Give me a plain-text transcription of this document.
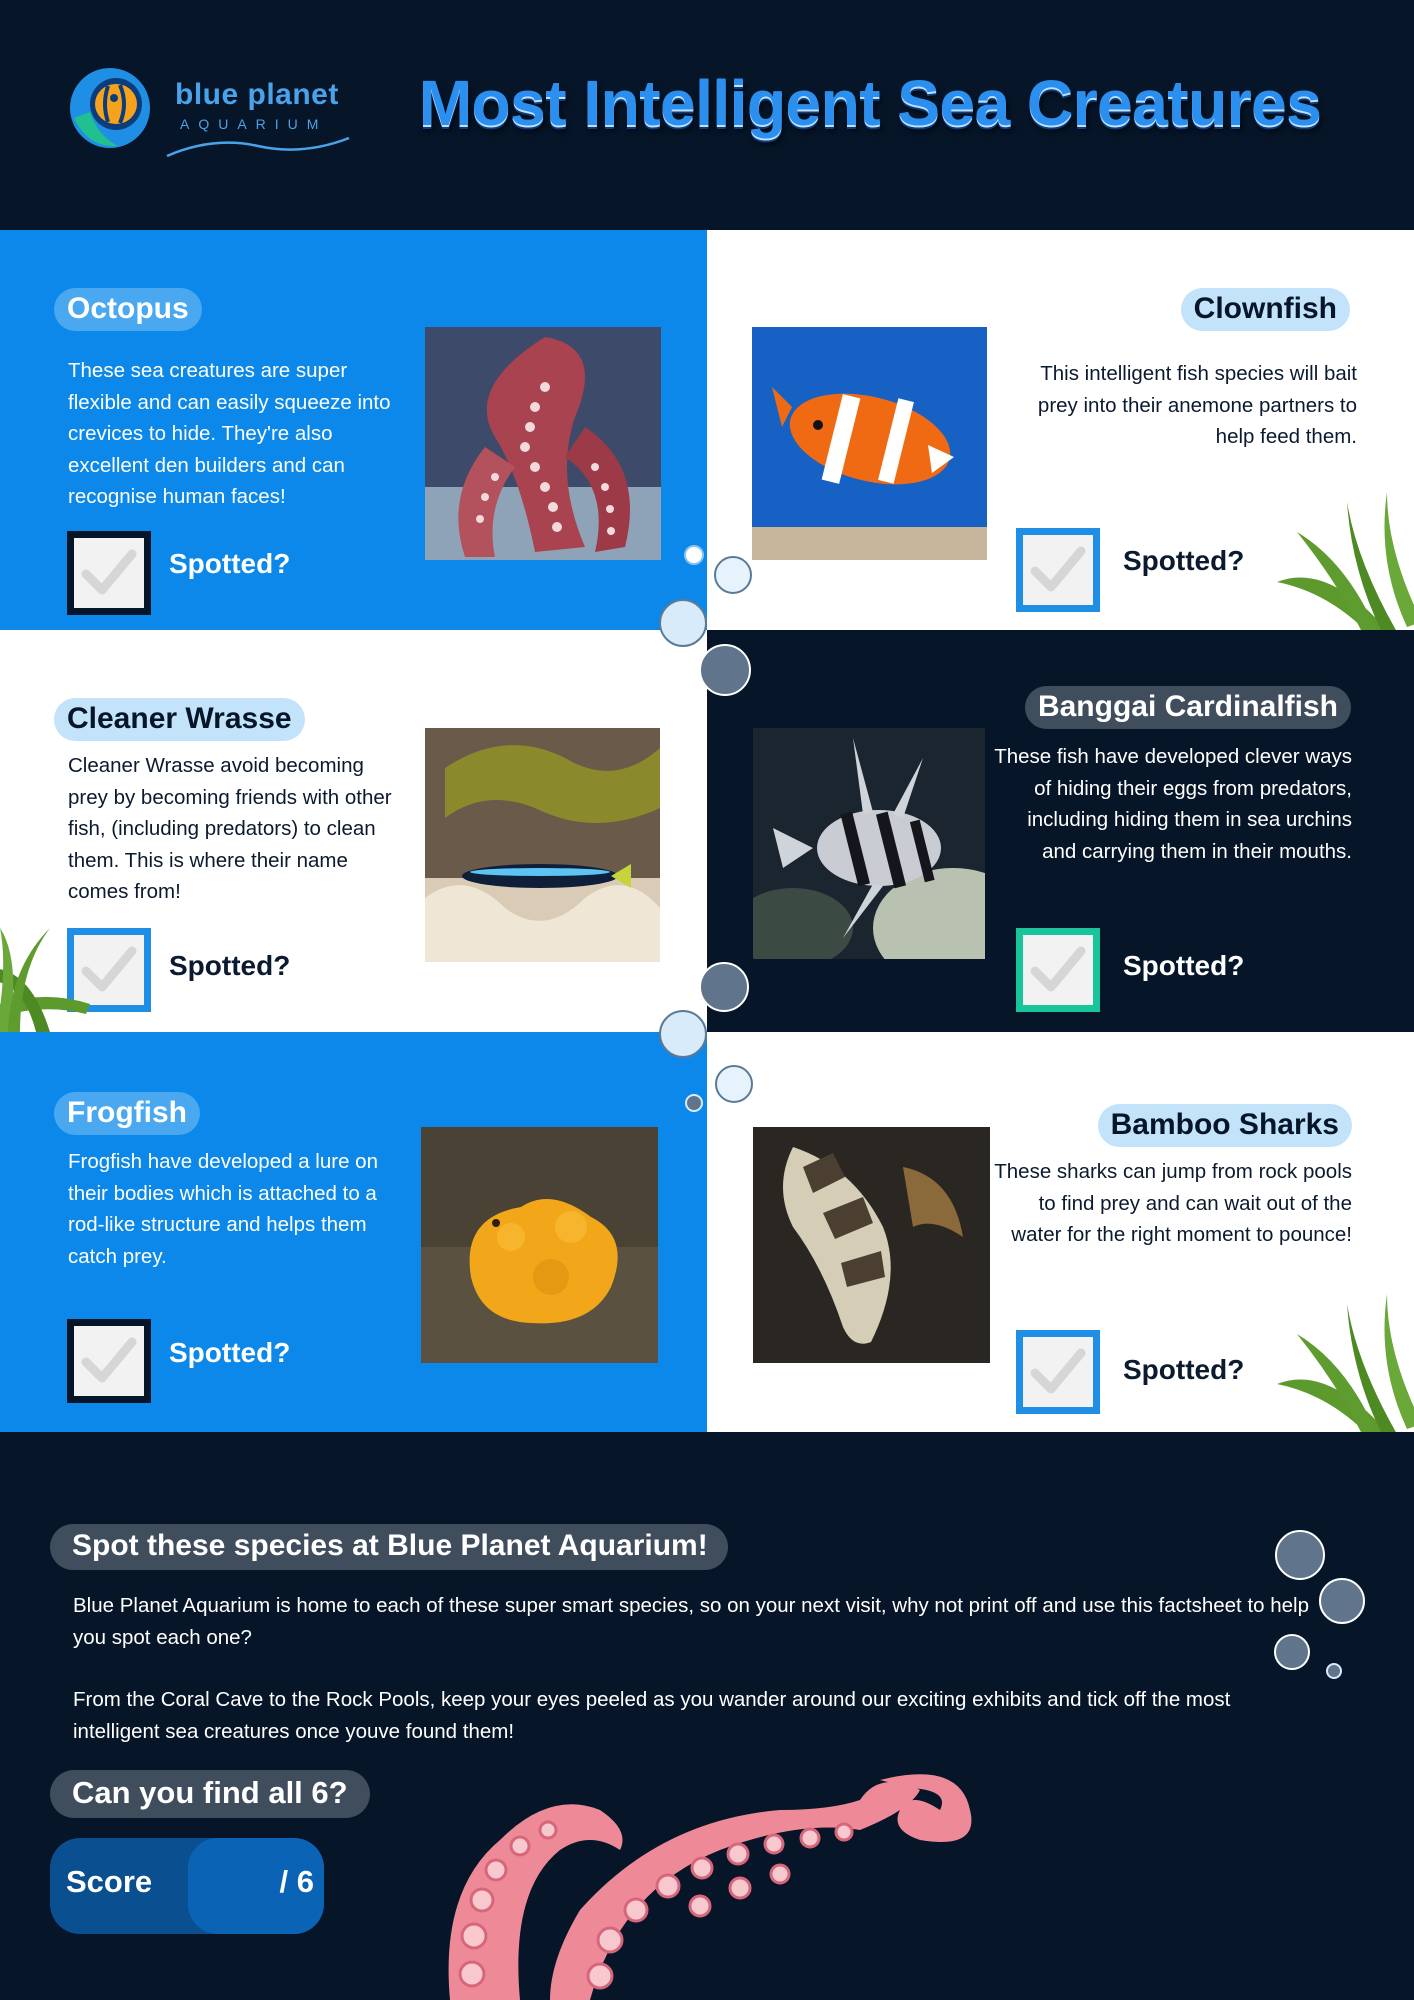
blue planet
AQUARIUM	Most Intelligent Sea Creatures
Octopus
These sea creatures are super flexible and can easily squeeze into crevices to hide. They're also excellent den builders and can recognise human faces!
Spotted?
Clownfish
This intelligent fish species will bait prey into their anemone partners to help feed them.
Spotted?
Cleaner Wrasse
Cleaner Wrasse avoid becoming prey by becoming friends with other fish, (including predators) to clean them. This is where their name comes from!
Spotted?
Banggai Cardinalfish
These fish have developed clever ways of hiding their eggs from predators, including hiding them in sea urchins and carrying them in their mouths.
Spotted?
Frogfish
Frogfish have developed a lure on their bodies which is attached to a rod-like structure and helps them catch prey.
Spotted?
Bamboo Sharks
These sharks can jump from rock pools to find prey and can wait out of the water for the right moment to pounce!
Spotted?
Spot these species at Blue Planet Aquarium!
Blue Planet Aquarium is home to each of these super smart species, so on your next visit, why not print off and use this factsheet to help you spot each one?
From the Coral Cave to the Rock Pools, keep your eyes peeled as you wander around our exciting exhibits and tick off the most intelligent sea creatures once youve found them!
Can you find all 6?
/ 6
Score
